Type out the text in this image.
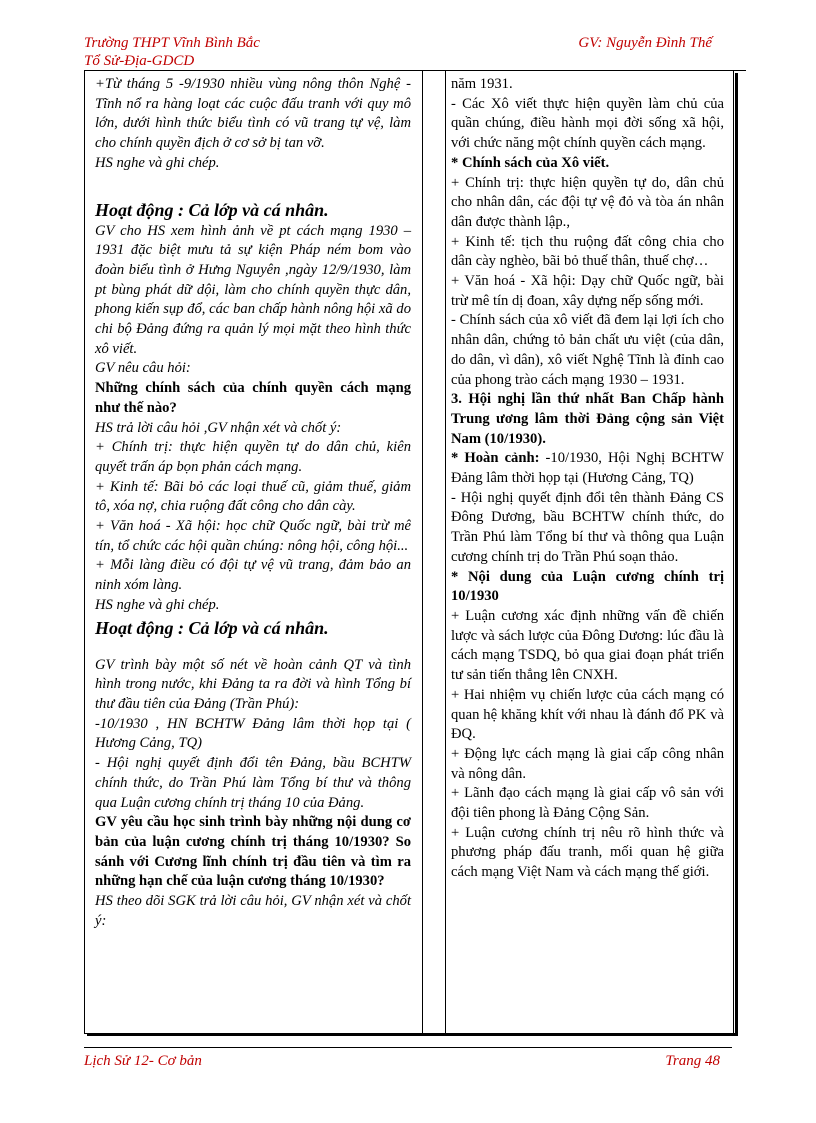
Trường THPT Vĩnh Bình Bắc
Tổ Sử-Địa-GDCD
GV: Nguyễn Đình Thế

+Từ tháng 5 -9/1930 nhiều vùng nông thôn Nghệ -Tĩnh nổ ra hàng loạt các cuộc đấu tranh với quy mô lớn, dưới hình thức biểu tình có vũ trang tự vệ, làm cho chính quyền địch ở cơ sở bị tan vỡ.

HS nghe và ghi chép.

Hoạt động : Cả lớp và cá nhân.

GV cho HS xem hình ảnh về pt cách mạng 1930 – 1931 đặc biệt mưu tả sự kiện Pháp ném bom vào đoàn biểu tình ở Hưng Nguyên ,ngày 12/9/1930, làm pt bùng phát dữ dội, làm cho chính quyền thực dân, phong kiến sụp đổ, các ban chấp hành nông hội xã do chi bộ Đảng đứng ra quản lý mọi mặt theo hình thức xô viết.

GV nêu câu hỏi:

Những chính sách của chính quyền cách mạng như thế nào?

HS trả lời câu hỏi ,GV nhận xét và chốt ý:

+ Chính trị: thực hiện quyền tự do dân chủ, kiên quyết trấn áp bọn phản cách mạng.

+ Kinh tế: Bãi bỏ các loại thuế cũ, giảm thuế, giảm tô, xóa nợ, chia ruộng đất công cho dân cày.

+ Văn hoá - Xã hội: học chữ Quốc ngữ, bài trừ mê tín, tổ chức các hội quần chúng: nông hội, công hội...

+ Mỗi làng điều có đội tự vệ vũ trang, đảm bảo an ninh xóm làng.

HS nghe và ghi chép.

Hoạt động : Cả lớp và cá nhân.

GV trình bày một số nét về hoàn cảnh QT và tình hình trong nước, khi Đảng ta ra đời và hình Tổng bí thư đầu tiên của Đảng (Trần Phú):

-10/1930 , HN BCHTW Đảng lâm thời họp tại ( Hương Cảng, TQ)

- Hội nghị quyết định đổi tên Đảng, bầu BCHTW chính thức, do Trần Phú làm Tổng bí thư và thông qua Luận cương chính trị tháng 10 của Đảng.

GV yêu cầu học sinh trình bày những nội dung cơ bản của luận cương chính trị tháng 10/1930? So sánh với Cương lĩnh chính trị đầu tiên và tìm ra những hạn chế của luận cương tháng 10/1930?

HS theo dõi SGK trả lời câu hỏi, GV nhận xét và chốt ý:

năm 1931.

- Các Xô viết thực hiện quyền làm chủ của quần chúng, điều hành mọi đời sống xã hội, với chức năng một chính quyền cách mạng.

* Chính sách của Xô viết.

+ Chính trị: thực hiện quyền tự do, dân chủ cho nhân dân, các đội tự vệ đỏ và tòa án nhân dân được thành lập.,

+ Kinh tế: tịch thu ruộng đất công chia cho dân cày nghèo, bãi bỏ thuế thân, thuế chợ…

+ Văn hoá - Xã hội: Dạy chữ Quốc ngữ, bài trừ mê tín dị đoan, xây dựng nếp sống mới.

- Chính sách của xô viết đã đem lại lợi ích cho nhân dân, chứng tỏ bản chất ưu việt (của dân, do dân, vì dân), xô viết Nghệ Tĩnh là đỉnh cao của phong trào cách mạng 1930 – 1931.

3. Hội nghị lần thứ nhất Ban Chấp hành Trung ương lâm thời Đảng cộng sản Việt Nam (10/1930).

* Hoàn cảnh: -10/1930, Hội Nghị BCHTW Đảng lâm thời họp tại (Hương Cảng, TQ)

- Hội nghị quyết định đổi tên thành Đảng CS Đông Dương, bầu BCHTW chính thức, do Trần Phú làm Tổng bí thư và thông qua Luận cương chính trị do Trần Phú soạn thảo.

* Nội dung của Luận cương chính trị 10/1930

+ Luận cương xác định những vấn đề chiến lược và sách lược của Đông Dương: lúc đầu là cách mạng TSDQ, bỏ qua giai đoạn phát triển tư sản tiến thẳng lên CNXH.

+ Hai nhiệm vụ chiến lược của cách mạng có quan hệ khăng khít với nhau là đánh đổ PK và ĐQ.

+ Động lực cách mạng là giai cấp công nhân và nông dân.

+ Lãnh đạo cách mạng là giai cấp vô sản với đội tiên phong là Đảng Cộng Sản.

+ Luận cương chính trị nêu rõ hình thức và phương pháp đấu tranh, mối quan hệ giữa cách mạng Việt Nam và cách mạng thế giới.

Lịch Sử 12- Cơ bản	Trang 48
